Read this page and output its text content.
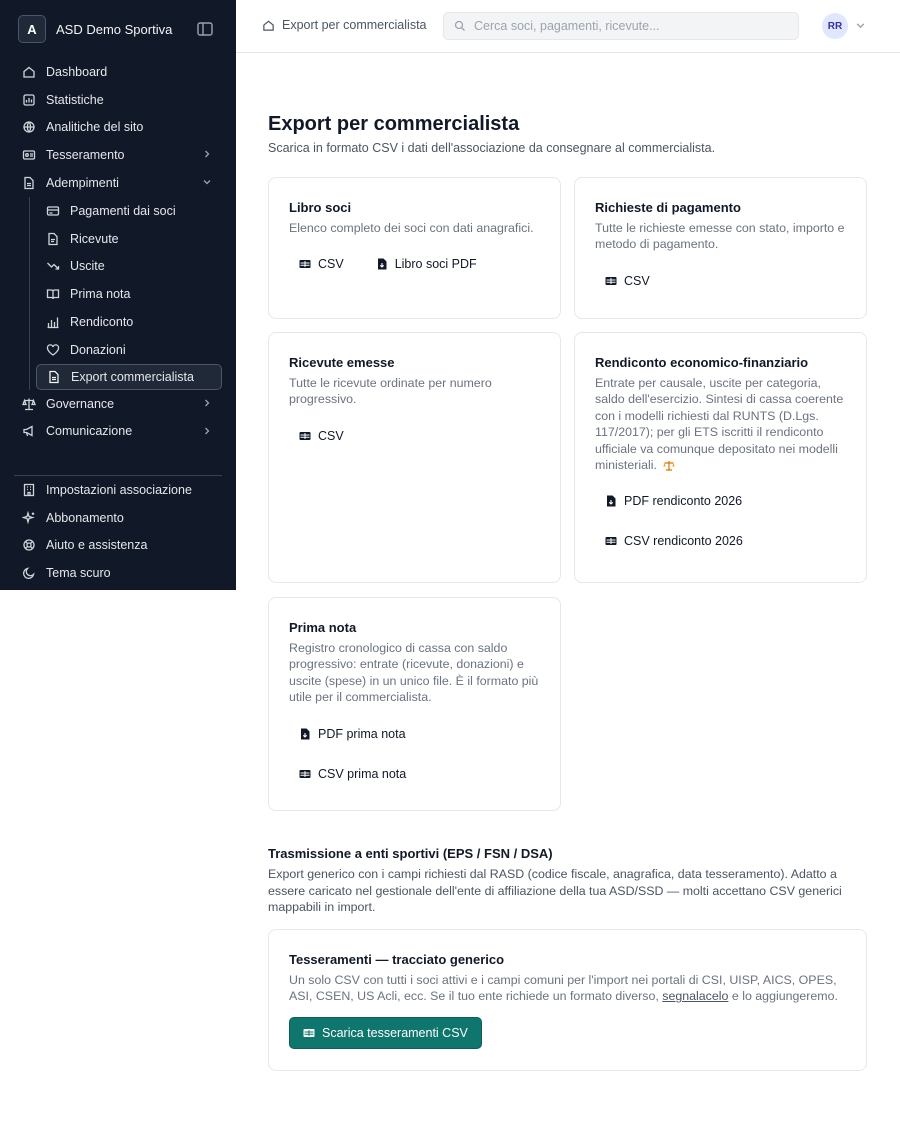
A	ASD Demo Sportiva
Dashboard
Statistiche
Analitiche del sito
Tesseramento
Adempimenti
Pagamenti dai soci
Ricevute
Uscite
Prima nota
Rendiconto
Donazioni
Export commercialista
Governance
Comunicazione
Impostazioni associazione
Abbonamento
Aiuto e assistenza
Tema scuro
Export per commercialista
Cerca soci, pagamenti, ricevute...	RR
Export per commercialista

Scarica in formato CSV i dati dell'associazione da consegnare al commercialista.

Libro soci

Elenco completo dei soci con dati anagrafici.

CSV	Libro soci PDF
Richieste di pagamento

Tutte le richieste emesse con stato, importo e metodo di pagamento.

CSV
Ricevute emesse

Tutte le ricevute ordinate per numero progressivo.

CSV
Rendiconto economico-finanziario

Entrate per causale, uscite per categoria, saldo dell'esercizio. Sintesi di cassa coerente con i modelli richiesti dal RUNTS (D.Lgs. 117/2017); per gli ETS iscritti il rendiconto ufficiale va comunque depositato nei modelli ministeriali.

PDF rendiconto 2026
CSV rendiconto 2026
Prima nota

Registro cronologico di cassa con saldo progressivo: entrate (ricevute, donazioni) e uscite (spese) in un unico file. È il formato più utile per il commercialista.

PDF prima nota
CSV prima nota
Trasmissione a enti sportivi (EPS / FSN / DSA)

Export generico con i campi richiesti dal RASD (codice fiscale, anagrafica, data tesseramento). Adatto a essere caricato nel gestionale dell'ente di affiliazione della tua ASD/SSD — molti accettano CSV generici mappabili in import.

Tesseramenti — tracciato generico

Un solo CSV con tutti i soci attivi e i campi comuni per l'import nei portali di CSI, UISP, AICS, OPES, ASI, CSEN, US Acli, ecc. Se il tuo ente richiede un formato diverso, segnalacelo e lo aggiungeremo.

Scarica tesseramenti CSV
